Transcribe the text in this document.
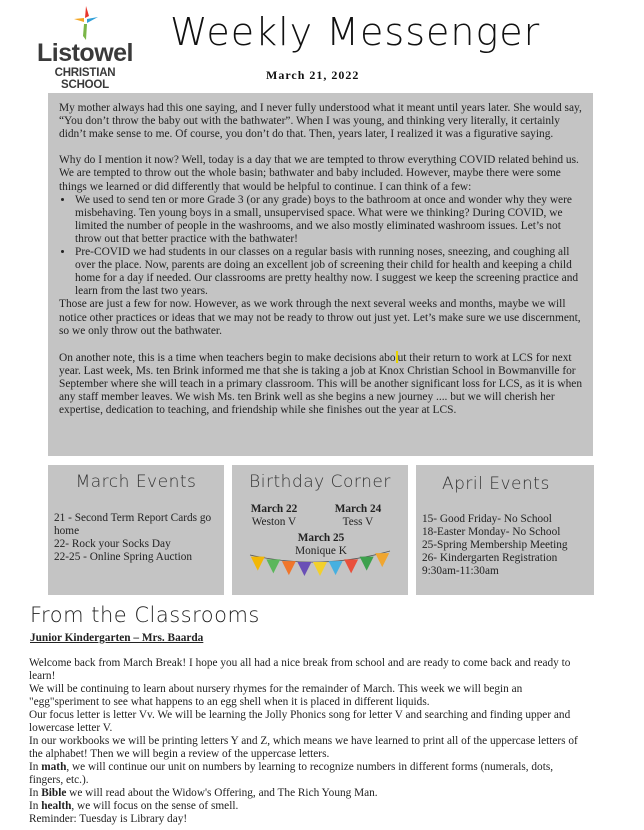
Listowel
CHRISTIAN SCHOOL
Weekly Messenger
March 21, 2022

My mother always had this one saying, and I never fully understood what it meant until years later. She would say, “You don’t throw the baby out with the bathwater”. When I was young, and thinking very literally, it certainly didn’t make sense to me. Of course, you don’t do that. Then, years later, I realized it was a figurative saying.

Why do I mention it now? Well, today is a day that we are tempted to throw everything COVID related behind us. We are tempted to throw out the whole basin; bathwater and baby included. However, maybe there were some things we learned or did differently that would be helpful to continue. I can think of a few:
• We used to send ten or more Grade 3 (or any grade) boys to the bathroom at once and wonder why they were misbehaving. Ten young boys in a small, unsupervised space. What were we thinking? During COVID, we limited the number of people in the washrooms, and we also mostly eliminated washroom issues. Let’s not throw out that better practice with the bathwater!
• Pre-COVID we had students in our classes on a regular basis with running noses, sneezing, and coughing all over the place. Now, parents are doing an excellent job of screening their child for health and keeping a child home for a day if needed. Our classrooms are pretty healthy now. I suggest we keep the screening practice and learn from the last two years.

Those are just a few for now. However, as we work through the next several weeks and months, maybe we will notice other practices or ideas that we may not be ready to throw out just yet. Let’s make sure we use discernment, so we only throw out the bathwater.

On another note, this is a time when teachers begin to make decisions abo ut their return to work at LCS for next year. Last week, Ms. ten Brink informed me that she is taking a job at Knox Christian School in Bowmanville for September where she will teach in a primary classroom. This will be another significant loss for LCS, as it is when any staff member leaves. We wish Ms. ten Brink well as she begins a new journey .... but we will cherish her expertise, dedication to teaching, and friendship while she finishes out the year at LCS.

March Events
21 - Second Term Report Cards go home
22- Rock your Socks Day
22-25 - Online Spring Auction
Birthday Corner
March 22
Weston V
March 24
Tess V
March 25
Monique K
April Events
15- Good Friday- No School
18-Easter Monday- No School
25-Spring Membership Meeting
26- Kindergarten Registration
9:30am-11:30am
From the Classrooms
Junior Kindergarten – Mrs. Baarda

Welcome back from March Break! I hope you all had a nice break from school and are ready to come back and ready to learn!

We will be continuing to learn about nursery rhymes for the remainder of March. This week we will begin an "egg"speriment to see what happens to an egg shell when it is placed in different liquids.

Our focus letter is letter Vv. We will be learning the Jolly Phonics song for letter V and searching and finding upper and lowercase letter V.

In our workbooks we will be printing letters Y and Z, which means we have learned to print all of the uppercase letters of the alphabet! Then we will begin a review of the uppercase letters.

In math, we will continue our unit on numbers by learning to recognize numbers in different forms (numerals, dots, fingers, etc.).

In Bible we will read about the Widow's Offering, and The Rich Young Man.

In health, we will focus on the sense of smell.

Reminder: Tuesday is Library day!
